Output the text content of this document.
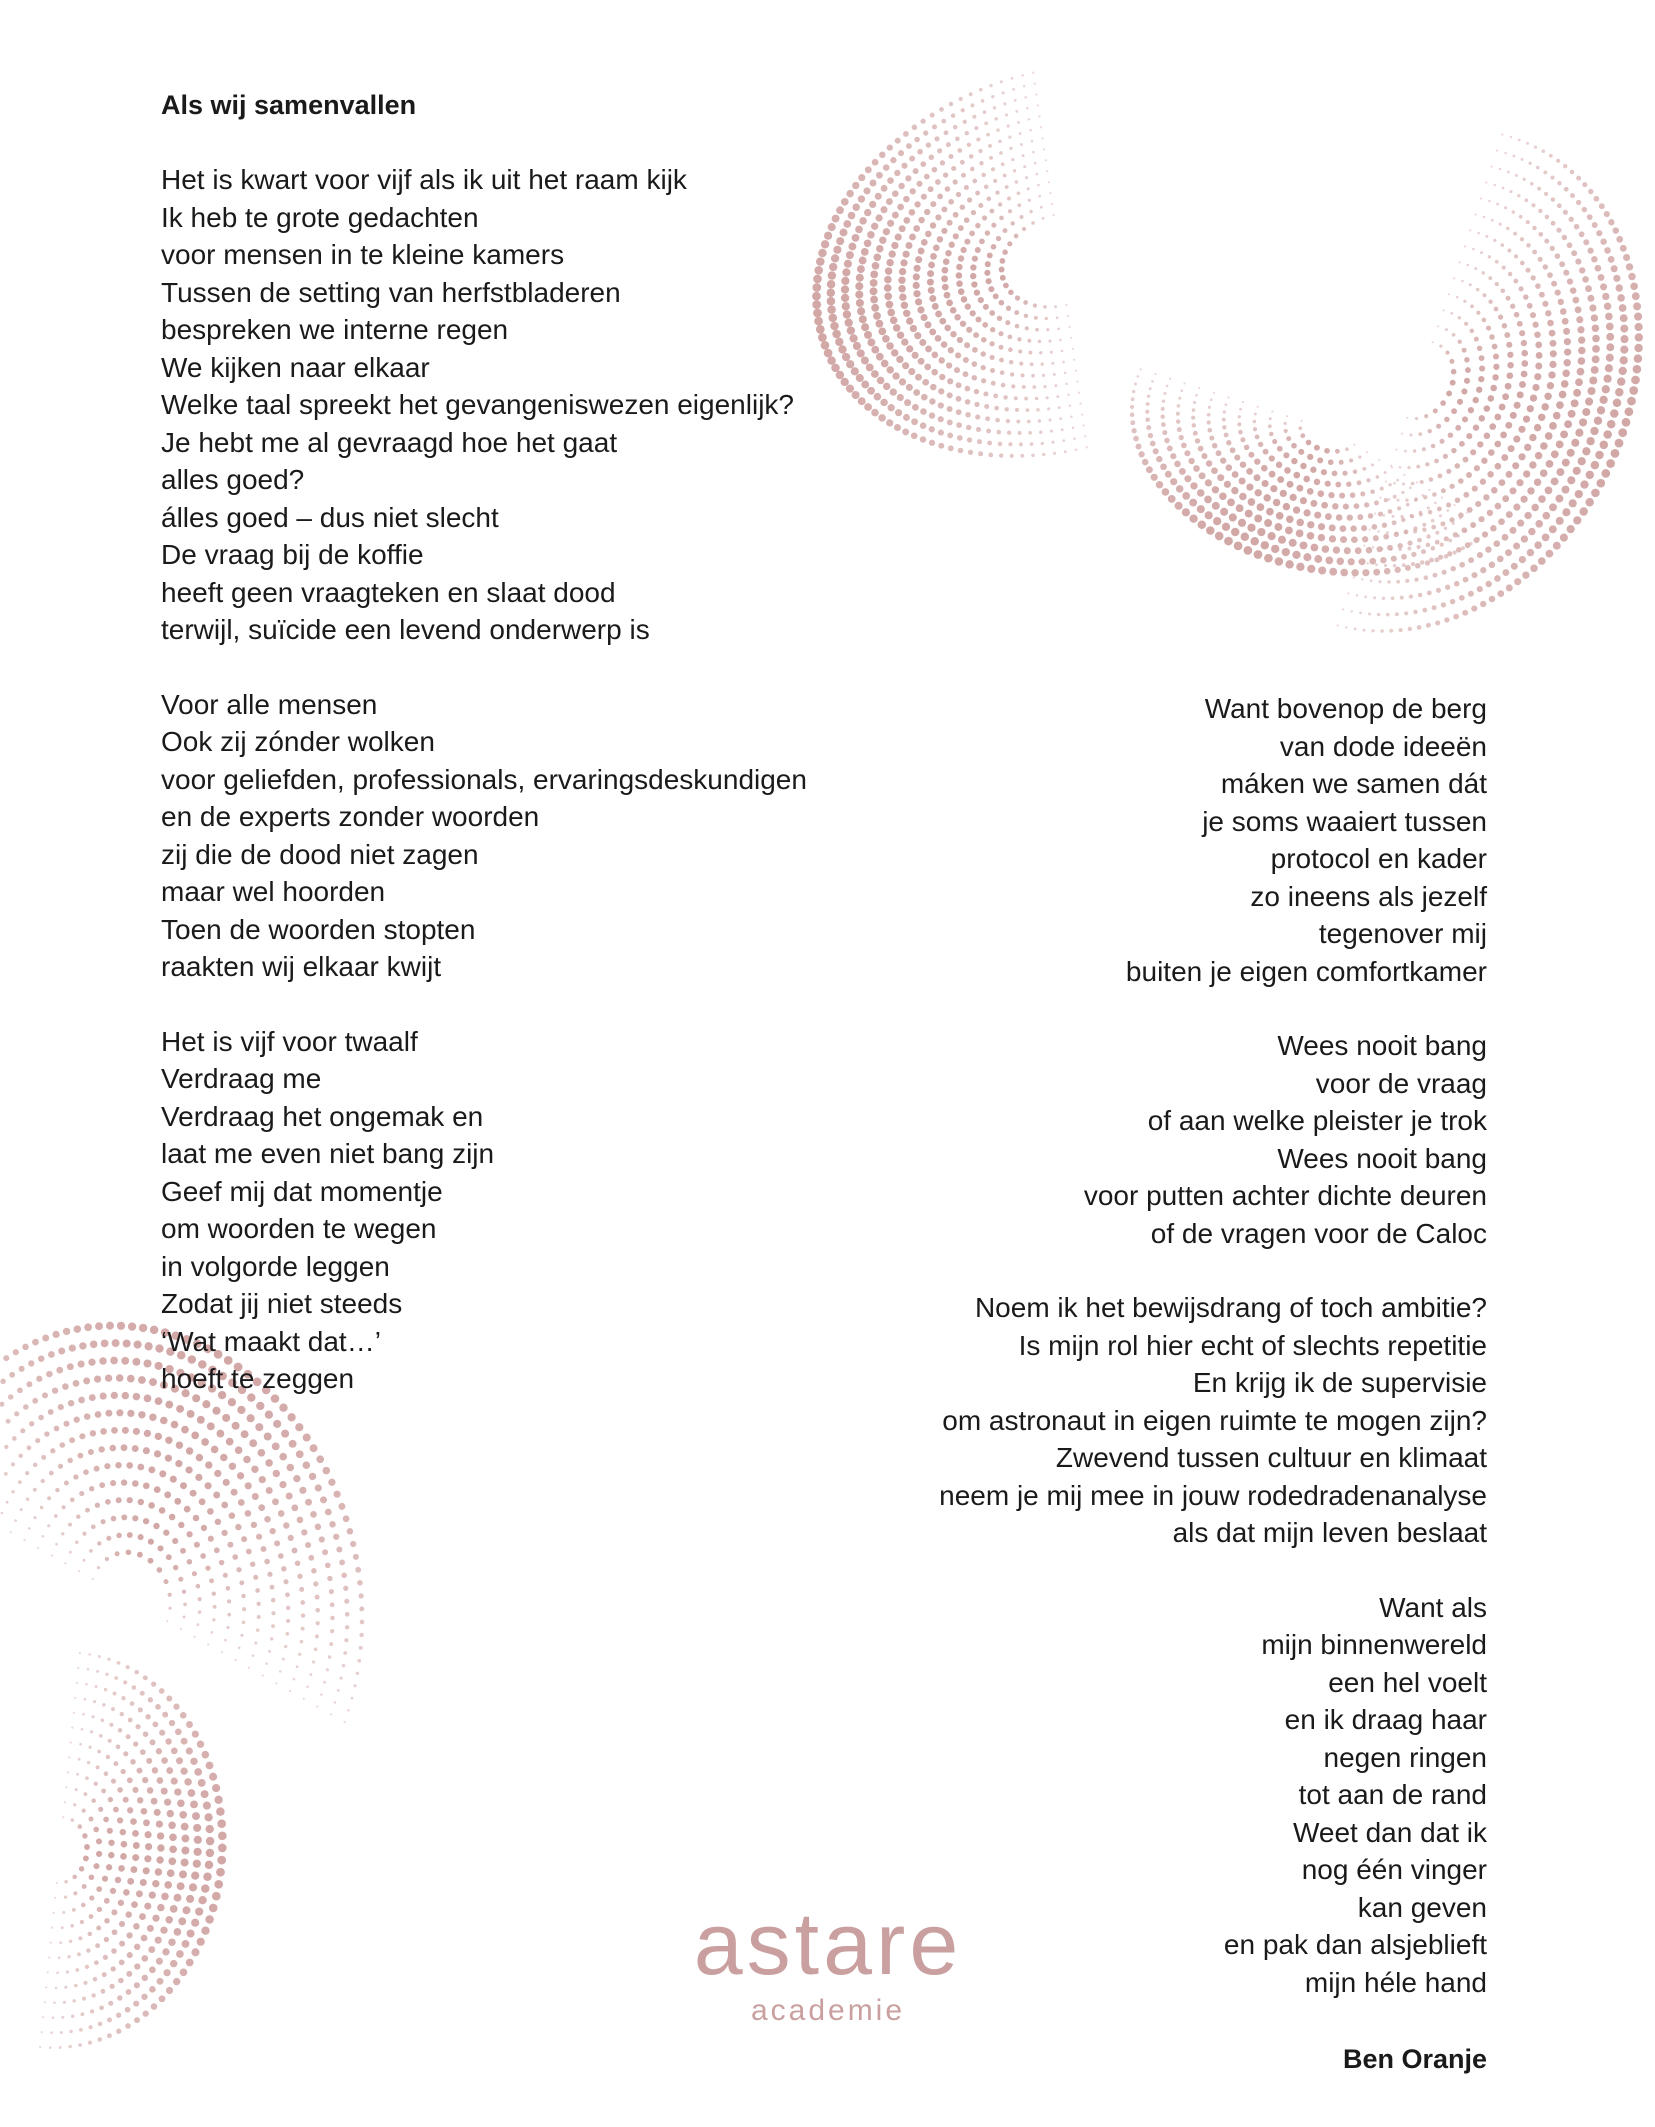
Als wij samenvallen
Het is kwart voor vijf als ik uit het raam kijk
Ik heb te grote gedachten
voor mensen in te kleine kamers
Tussen de setting van herfstbladeren
bespreken we interne regen
We kijken naar elkaar
Welke taal spreekt het gevangeniswezen eigenlijk?
Je hebt me al gevraagd hoe het gaat
alles goed?
álles goed – dus niet slecht
De vraag bij de koffie
heeft geen vraagteken en slaat dood
terwijl, suïcide een levend onderwerp is
Voor alle mensen
Ook zij zónder wolken
voor geliefden, professionals, ervaringsdeskundigen
en de experts zonder woorden
zij die de dood niet zagen
maar wel hoorden
Toen de woorden stopten
raakten wij elkaar kwijt
Het is vijf voor twaalf
Verdraag me
Verdraag het ongemak en
laat me even niet bang zijn
Geef mij dat momentje
om woorden te wegen
in volgorde leggen
Zodat jij niet steeds
‘Wat maakt dat…’
hoeft te zeggen
Want bovenop de berg
van dode ideeën
máken we samen dát
je soms waaiert tussen
protocol en kader
zo ineens als jezelf
tegenover mij
buiten je eigen comfortkamer
Wees nooit bang
voor de vraag
of aan welke pleister je trok
Wees nooit bang
voor putten achter dichte deuren
of de vragen voor de Caloc
Noem ik het bewijsdrang of toch ambitie?
Is mijn rol hier echt of slechts repetitie
En krijg ik de supervisie
om astronaut in eigen ruimte te mogen zijn?
Zwevend tussen cultuur en klimaat
neem je mij mee in jouw rodedradenanalyse
als dat mijn leven beslaat
Want als
mijn binnenwereld
een hel voelt
en ik draag haar
negen ringen
tot aan de rand
Weet dan dat ik
nog één vinger
kan geven
en pak dan alsjeblieft
mijn héle hand
Ben Oranje
astare
academie
